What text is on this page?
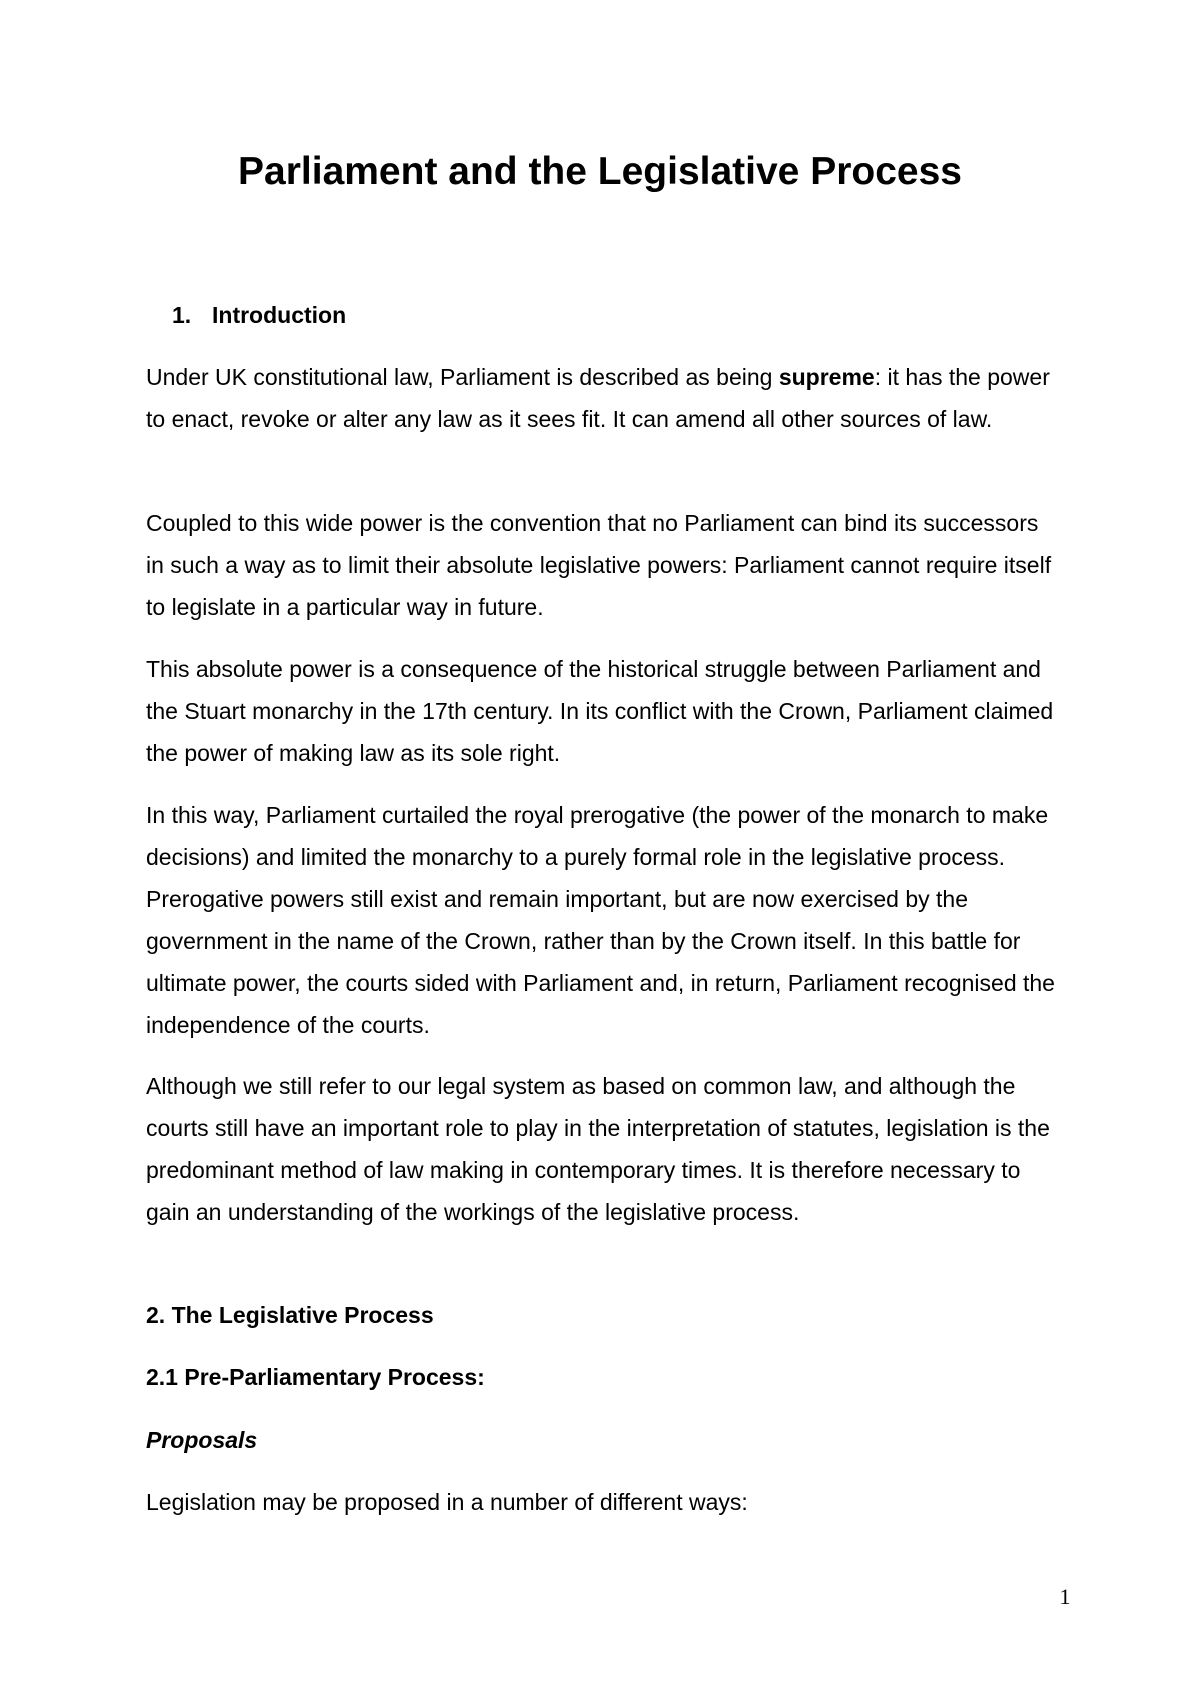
Parliament and the Legislative Process
1. Introduction

Under UK constitutional law, Parliament is described as being supreme: it has the power to enact, revoke or alter any law as it sees fit. It can amend all other sources of law.

Coupled to this wide power is the convention that no Parliament can bind its successors in such a way as to limit their absolute legislative powers: Parliament cannot require itself to legislate in a particular way in future.

This absolute power is a consequence of the historical struggle between Parliament and the Stuart monarchy in the 17th century. In its conflict with the Crown, Parliament claimed the power of making law as its sole right.

In this way, Parliament curtailed the royal prerogative (the power of the monarch to make decisions) and limited the monarchy to a purely formal role in the legislative process. Prerogative powers still exist and remain important, but are now exercised by the government in the name of the Crown, rather than by the Crown itself. In this battle for ultimate power, the courts sided with Parliament and, in return, Parliament recognised the independence of the courts.

Although we still refer to our legal system as based on common law, and although the courts still have an important role to play in the interpretation of statutes, legislation is the predominant method of law making in contemporary times. It is therefore necessary to gain an understanding of the workings of the legislative process.

2. The Legislative Process
2.1 Pre-Parliamentary Process:
Proposals

Legislation may be proposed in a number of different ways:

1
